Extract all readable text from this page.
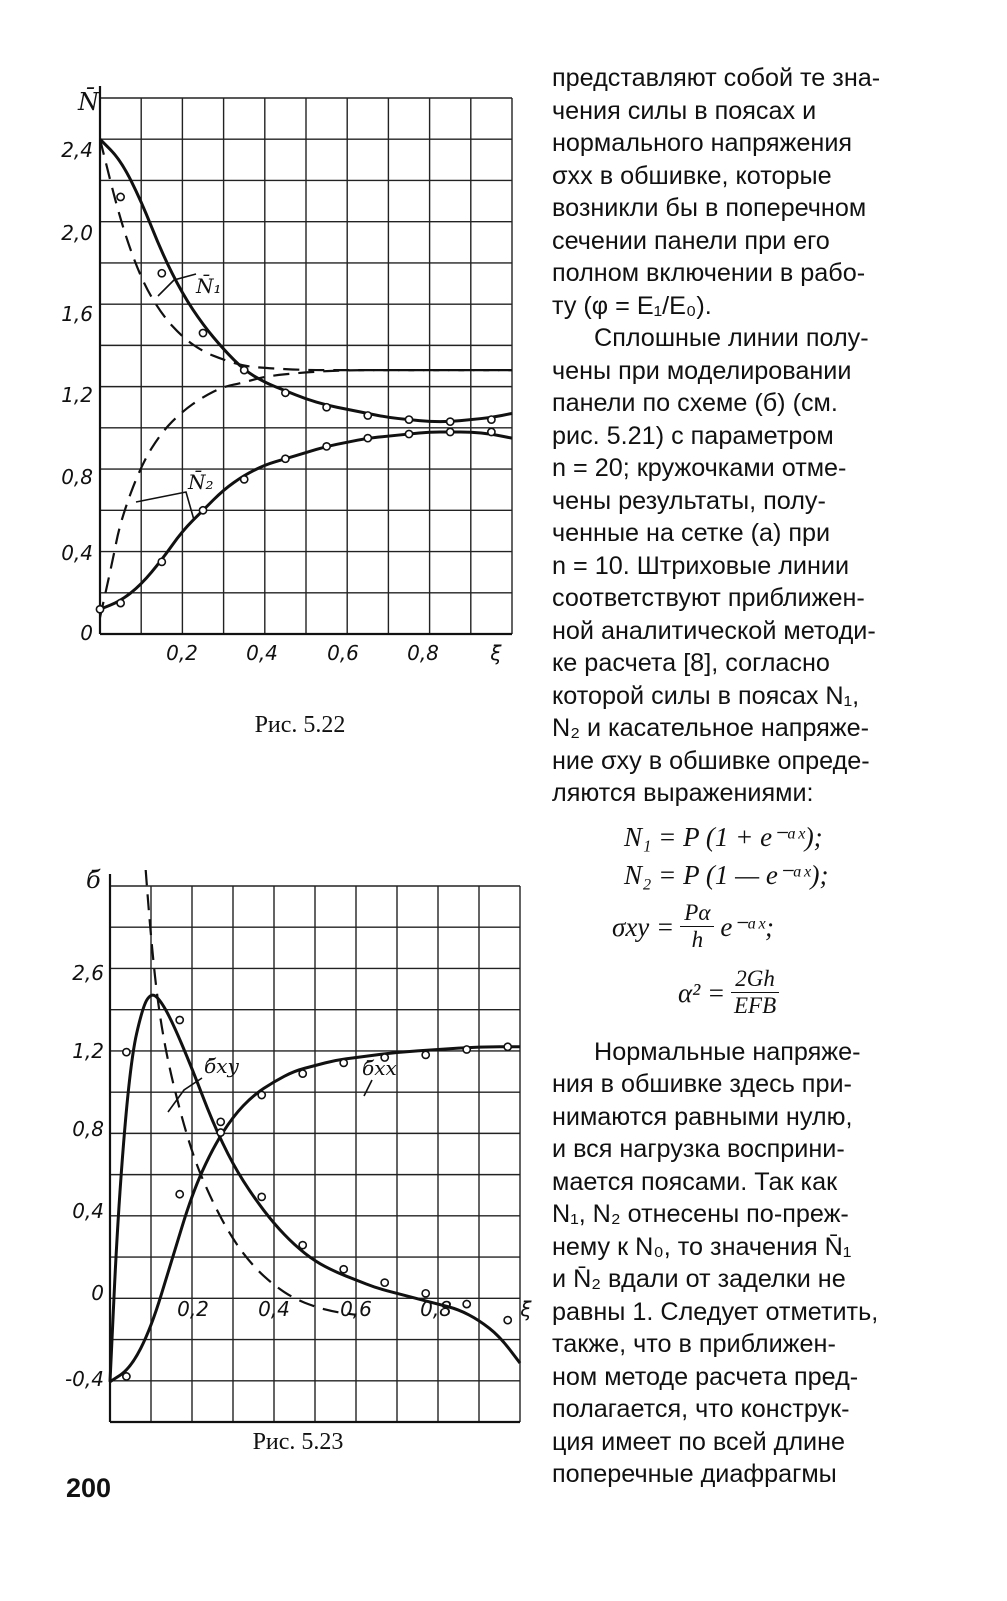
N̄
0,2 0,4 0,6 0,8	ξ
0
0,4
0,8
1,2
1,6
2,0
2,4
б̄
0,2 0,4	0,6 0,8	ξ
-0,4
0
0,4
0,8
1,2
2,6
N̄₁
N̄₂
б̄xy	б̄xx
Рис. 5.22
Рис. 5.23

представляют собой те зна-

чения силы в поясах и

нормального напряжения

σxx в обшивке, которые

возникли бы в поперечном

сечении панели при его

полном включении в рабо-

ту (φ = E₁/E₀).

Сплошные линии полу-

чены при моделировании

панели по схеме (б) (см.

рис. 5.21) с параметром

n = 20; кружочками отме-

чены результаты, полу-

ченные на сетке (а) при

n = 10. Штриховые линии

соответствуют приближен-

ной аналитической методи-

ке расчета [8], согласно

которой силы в поясах N₁,

N₂ и касательное напряже-

ние σxy в обшивке опреде-

ляются выражениями:

N₁ = P (1 + e⁻ᵅˣ);
N₂ = P (1 — e⁻ᵅˣ);
$\sigma xy = \frac{P\alpha}{h}$ e⁻ᵅˣ;
$\alpha^2 = \frac{2Gh}{\text{EFB}}$

Нормальные напряже-

ния в обшивке здесь при-

нимаются равными нулю,

и вся нагрузка восприни-

мается поясами. Так как

N₁, N₂ отнесены по-преж-

нему к N₀, то значения N̄₁

и N̄₂ вдали от заделки не

равны 1. Следует отметить,

также, что в приближен-

ном методе расчета пред-

полагается, что конструк-

ция имеет по всей длине

поперечные диафрагмы

200
